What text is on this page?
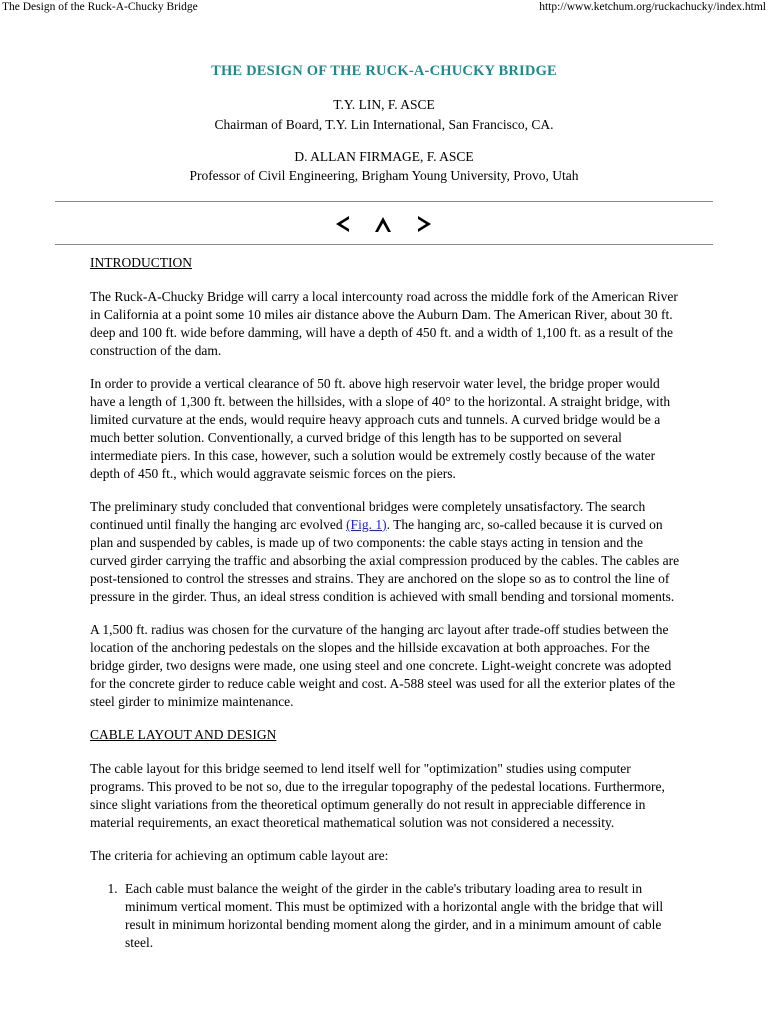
The Design of the Ruck-A-Chucky Bridge	http://www.ketchum.org/ruckachucky/index.html
THE DESIGN OF THE RUCK-A-CHUCKY BRIDGE
T.Y. LIN, F. ASCE
Chairman of Board, T.Y. Lin International, San Francisco, CA.
D. ALLAN FIRMAGE, F. ASCE
Professor of Civil Engineering, Brigham Young University, Provo, Utah

INTRODUCTION

The Ruck-A-Chucky Bridge will carry a local intercounty road across the middle fork of the American River in California at a point some 10 miles air distance above the Auburn Dam. The American River, about 30 ft. deep and 100 ft. wide before damming, will have a depth of 450 ft. and a width of 1,100 ft. as a result of the construction of the dam.

In order to provide a vertical clearance of 50 ft. above high reservoir water level, the bridge proper would have a length of 1,300 ft. between the hillsides, with a slope of 40° to the horizontal. A straight bridge, with limited curvature at the ends, would require heavy approach cuts and tunnels. A curved bridge would be a much better solution. Conventionally, a curved bridge of this length has to be supported on several intermediate piers. In this case, however, such a solution would be extremely costly because of the water depth of 450 ft., which would aggravate seismic forces on the piers.

The preliminary study concluded that conventional bridges were completely unsatisfactory. The search continued until finally the hanging arc evolved (Fig. 1). The hanging arc, so-called because it is curved on plan and suspended by cables, is made up of two components: the cable stays acting in tension and the curved girder carrying the traffic and absorbing the axial compression produced by the cables. The cables are post-tensioned to control the stresses and strains. They are anchored on the slope so as to control the line of pressure in the girder. Thus, an ideal stress condition is achieved with small bending and torsional moments.

A 1,500 ft. radius was chosen for the curvature of the hanging arc layout after trade-off studies between the location of the anchoring pedestals on the slopes and the hillside excavation at both approaches. For the bridge girder, two designs were made, one using steel and one concrete. Light-weight concrete was adopted for the concrete girder to reduce cable weight and cost. A-588 steel was used for all the exterior plates of the steel girder to minimize maintenance.

CABLE LAYOUT AND DESIGN

The cable layout for this bridge seemed to lend itself well for "optimization" studies using computer programs. This proved to be not so, due to the irregular topography of the pedestal locations. Furthermore, since slight variations from the theoretical optimum generally do not result in appreciable difference in material requirements, an exact theoretical mathematical solution was not considered a necessity.

The criteria for achieving an optimum cable layout are:

1. Each cable must balance the weight of the girder in the cable's tributary loading area to result in minimum vertical moment. This must be optimized with a horizontal angle with the bridge that will result in minimum horizontal bending moment along the girder, and in a minimum amount of cable steel.
